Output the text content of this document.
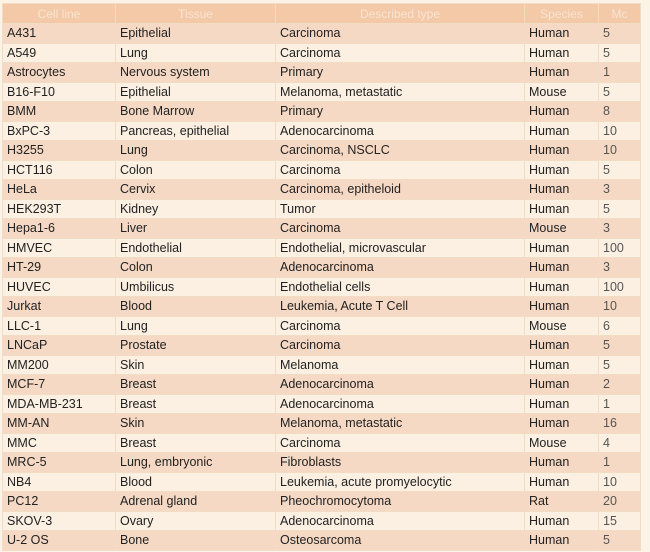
Cell line	Tissue	Described type	Species	Mc
A431	Epithelial	Carcinoma	Human	5
A549	Lung	Carcinoma	Human	5
Astrocytes	Nervous system	Primary	Human	1
B16-F10	Epithelial	Melanoma, metastatic	Mouse	5
BMM	Bone Marrow	Primary	Human	8
BxPC-3	Pancreas, epithelial	Adenocarcinoma	Human	10
H3255	Lung	Carcinoma, NSCLC	Human	10
HCT116	Colon	Carcinoma	Human	5
HeLa	Cervix	Carcinoma, epitheloid	Human	3
HEK293T	Kidney	Tumor	Human	5
Hepa1-6	Liver	Carcinoma	Mouse	3
HMVEC	Endothelial	Endothelial, microvascular	Human	100
HT-29	Colon	Adenocarcinoma	Human	3
HUVEC	Umbilicus	Endothelial cells	Human	100
Jurkat	Blood	Leukemia, Acute T Cell	Human	10
LLC-1	Lung	Carcinoma	Mouse	6
LNCaP	Prostate	Carcinoma	Human	5
MM200	Skin	Melanoma	Human	5
MCF-7	Breast	Adenocarcinoma	Human	2
MDA-MB-231	Breast	Adenocarcinoma	Human	1
MM-AN	Skin	Melanoma, metastatic	Human	16
MMC	Breast	Carcinoma	Mouse	4
MRC-5	Lung, embryonic	Fibroblasts	Human	1
NB4	Blood	Leukemia, acute promyelocytic	Human	10
PC12	Adrenal gland	Pheochromocytoma	Rat	20
SKOV-3	Ovary	Adenocarcinoma	Human	15
U-2 OS	Bone	Osteosarcoma	Human	5
